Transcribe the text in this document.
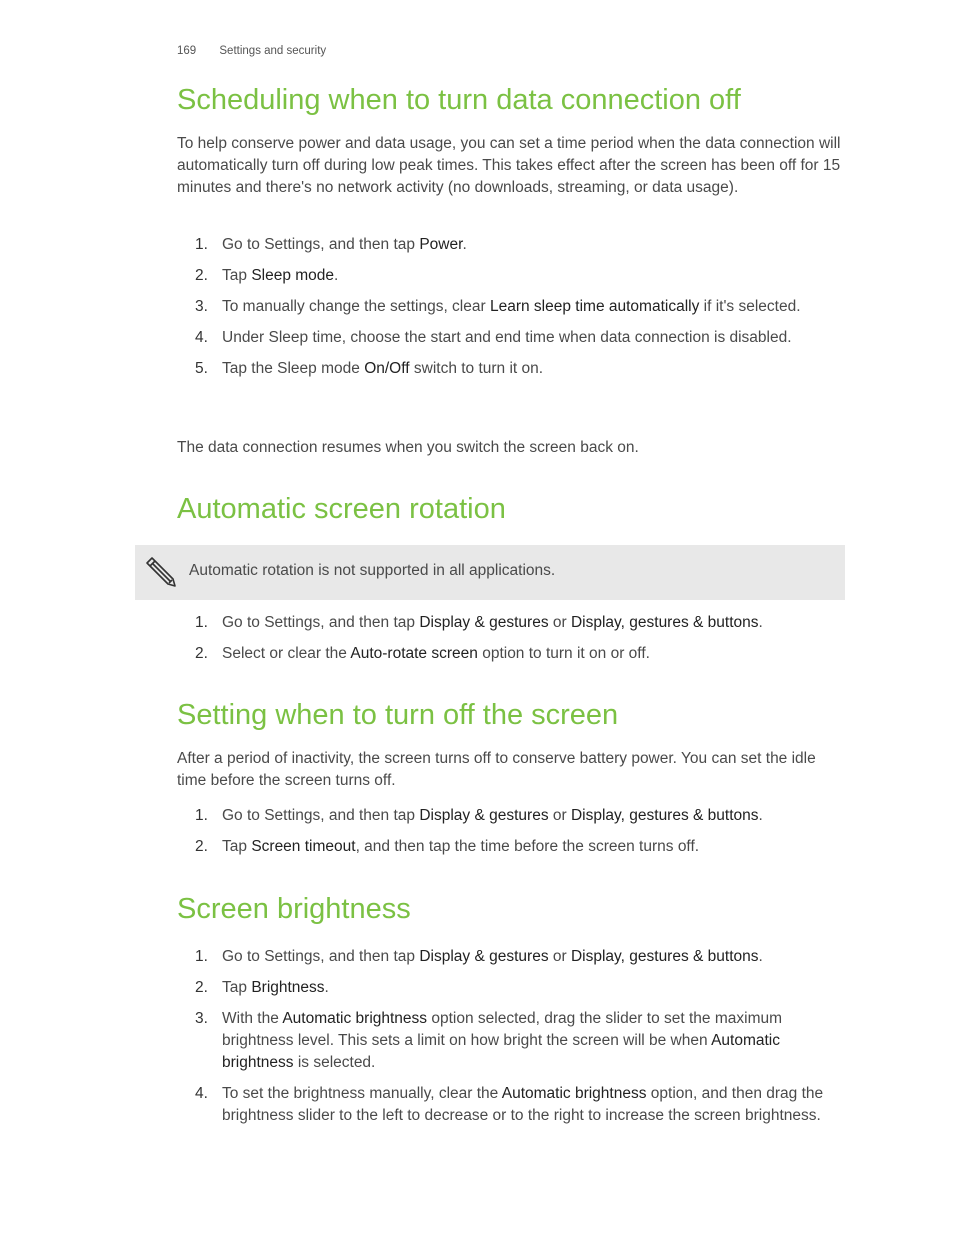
169 Settings and security
Scheduling when to turn data connection off

To help conserve power and data usage, you can set a time period when the data connection will automatically turn off during low peak times. This takes effect after the screen has been off for 15 minutes and there's no network activity (no downloads, streaming, or data usage).

1. Go to Settings, and then tap Power.
2. Tap Sleep mode.
3. To manually change the settings, clear Learn sleep time automatically if it's selected.
4. Under Sleep time, choose the start and end time when data connection is disabled.
5. Tap the Sleep mode On/Off switch to turn it on.

The data connection resumes when you switch the screen back on.

Automatic screen rotation
1. Go to Settings, and then tap Display & gestures or Display, gestures & buttons.
2. Select or clear the Auto-rotate screen option to turn it on or off.
Setting when to turn off the screen

After a period of inactivity, the screen turns off to conserve battery power. You can set the idle time before the screen turns off.

1. Go to Settings, and then tap Display & gestures or Display, gestures & buttons.
2. Tap Screen timeout, and then tap the time before the screen turns off.
Screen brightness
1. Go to Settings, and then tap Display & gestures or Display, gestures & buttons.
2. Tap Brightness.
3. With the Automatic brightness option selected, drag the slider to set the maximum brightness level. This sets a limit on how bright the screen will be when Automatic brightness is selected.
4. To set the brightness manually, clear the Automatic brightness option, and then drag the brightness slider to the left to decrease or to the right to increase the screen brightness.
Automatic rotation is not supported in all applications.
